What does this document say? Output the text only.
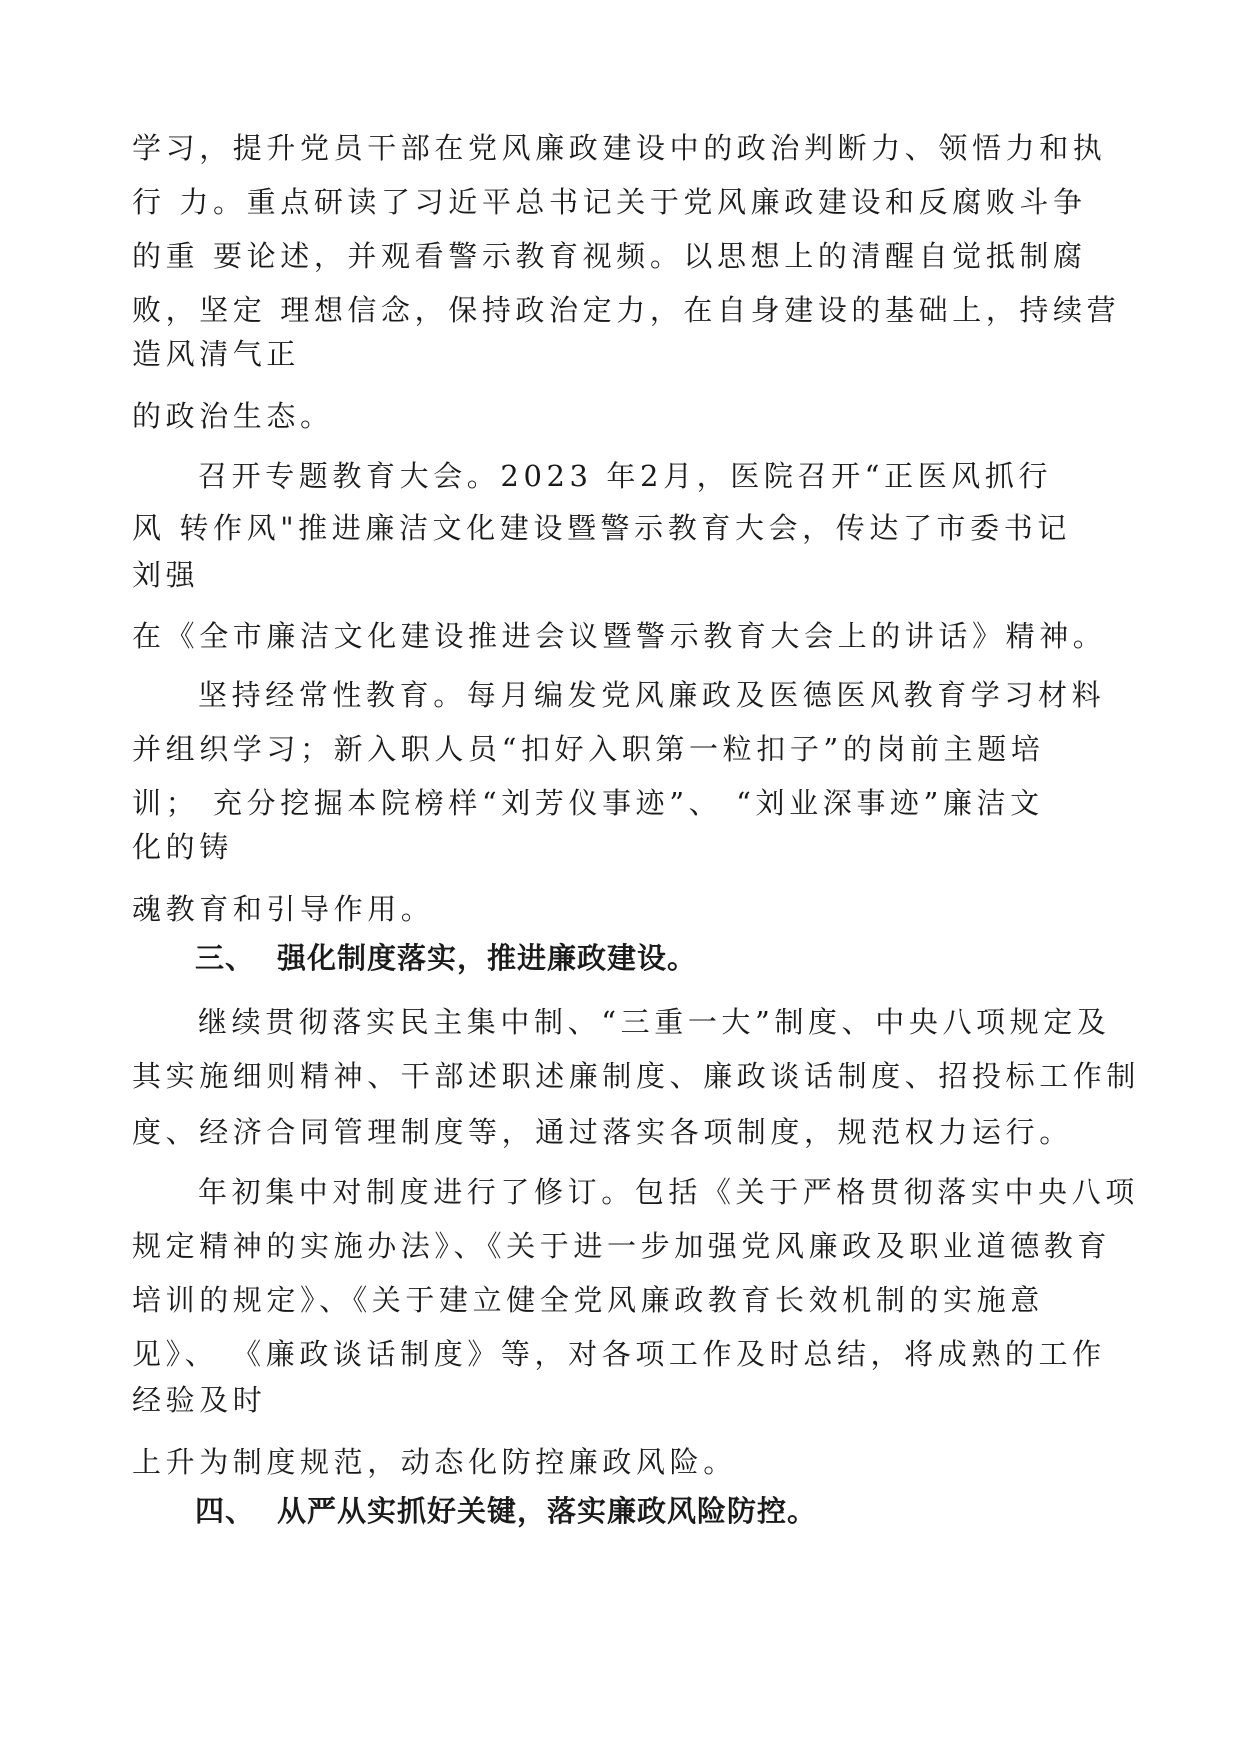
学习，提升党员干部在党风廉政建设中的政治判断力、领悟力和执
行 力。重点研读了习近平总书记关于党风廉政建设和反腐败斗争
的重 要论述，并观看警示教育视频。以思想上的清醒自觉抵制腐
败，坚定 理想信念，保持政治定力，在自身建设的基础上，持续营
造风清气正
的政治生态。
召开专题教育大会。2023 年2月，医院召开“正医风抓行
风 转作风"推进廉洁文化建设暨警示教育大会，传达了市委书记
刘强
在《全市廉洁文化建设推进会议暨警示教育大会上的讲话》精神。
坚持经常性教育。每月编发党风廉政及医德医风教育学习材料
并组织学习；新入职人员“扣好入职第一粒扣子”的岗前主题培
训； 充分挖掘本院榜样“刘芳仪事迹”、 “刘业深事迹”廉洁文
化的铸
魂教育和引导作用。
三、 强化制度落实，推进廉政建设。
继续贯彻落实民主集中制、“三重一大”制度、中央八项规定及
其实施细则精神、干部述职述廉制度、廉政谈话制度、招投标工作制
度、经济合同管理制度等，通过落实各项制度，规范权力运行。
年初集中对制度进行了修订。包括《关于严格贯彻落实中央八项
规定精神的实施办法》、《关于进一步加强党风廉政及职业道德教育
培训的规定》、《关于建立健全党风廉政教育长效机制的实施意
见》、 《廉政谈话制度》等，对各项工作及时总结，将成熟的工作
经验及时
上升为制度规范，动态化防控廉政风险。
四、 从严从实抓好关键，落实廉政风险防控。
